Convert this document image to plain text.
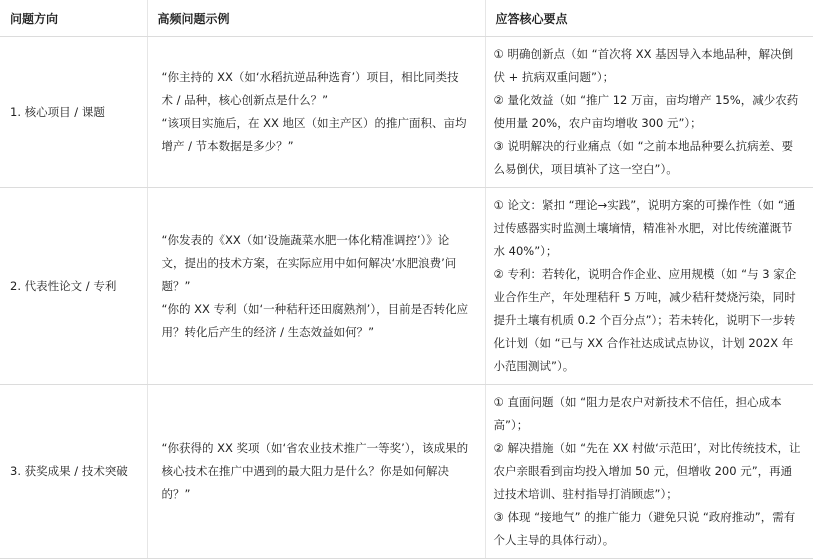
问题方向	高频问题示例	应答核心要点
1. 核心项目 / 课题	“你主持的 XX（如‘水稻抗逆品种选育’）项目，相比同类技术 / 品种，核心创新点是什么？”
“该项目实施后，在 XX 地区（如主产区）的推广面积、亩均增产 / 节本数据是多少？”	① 明确创新点（如 “首次将 XX 基因导入本地品种，解决倒伏 + 抗病双重问题”）；
② 量化效益（如 “推广 12 万亩，亩均增产 15%，减少农药使用量 20%，农户亩均增收 300 元”）；
③ 说明解决的行业痛点（如 “之前本地品种要么抗病差、要么易倒伏，项目填补了这一空白”）。

2. 代表性论文 / 专利	“你发表的《XX（如‘设施蔬菜水肥一体化精准调控’）》论文，提出的技术方案，在实际应用中如何解决‘水肥浪费’问题？”
“你的 XX 专利（如‘一种秸秆还田腐熟剂’），目前是否转化应用？转化后产生的经济 / 生态效益如何？”	① 论文：紧扣 “理论→实践”，说明方案的可操作性（如 “通过传感器实时监测土壤墒情，精准补水肥，对比传统灌溉节水 40%”）；
② 专利：若转化，说明合作企业、应用规模（如 “与 3 家企业合作生产，年处理秸秆 5 万吨，减少秸秆焚烧污染，同时提升土壤有机质 0.2 个百分点”）；若未转化，说明下一步转化计划（如 “已与 XX 合作社达成试点协议，计划 202X 年小范围测试”）。

3. 获奖成果 / 技术突破	“你获得的 XX 奖项（如‘省农业技术推广一等奖’），该成果的核心技术在推广中遇到的最大阻力是什么？你是如何解决的？”	① 直面问题（如 “阻力是农户对新技术不信任，担心成本高”）；
② 解决措施（如 “先在 XX 村做‘示范田’，对比传统技术，让农户亲眼看到亩均投入增加 50 元，但增收 200 元”，再通过技术培训、驻村指导打消顾虑”）；
③ 体现 “接地气” 的推广能力（避免只说 “政府推动”，需有个人主导的具体行动）。
